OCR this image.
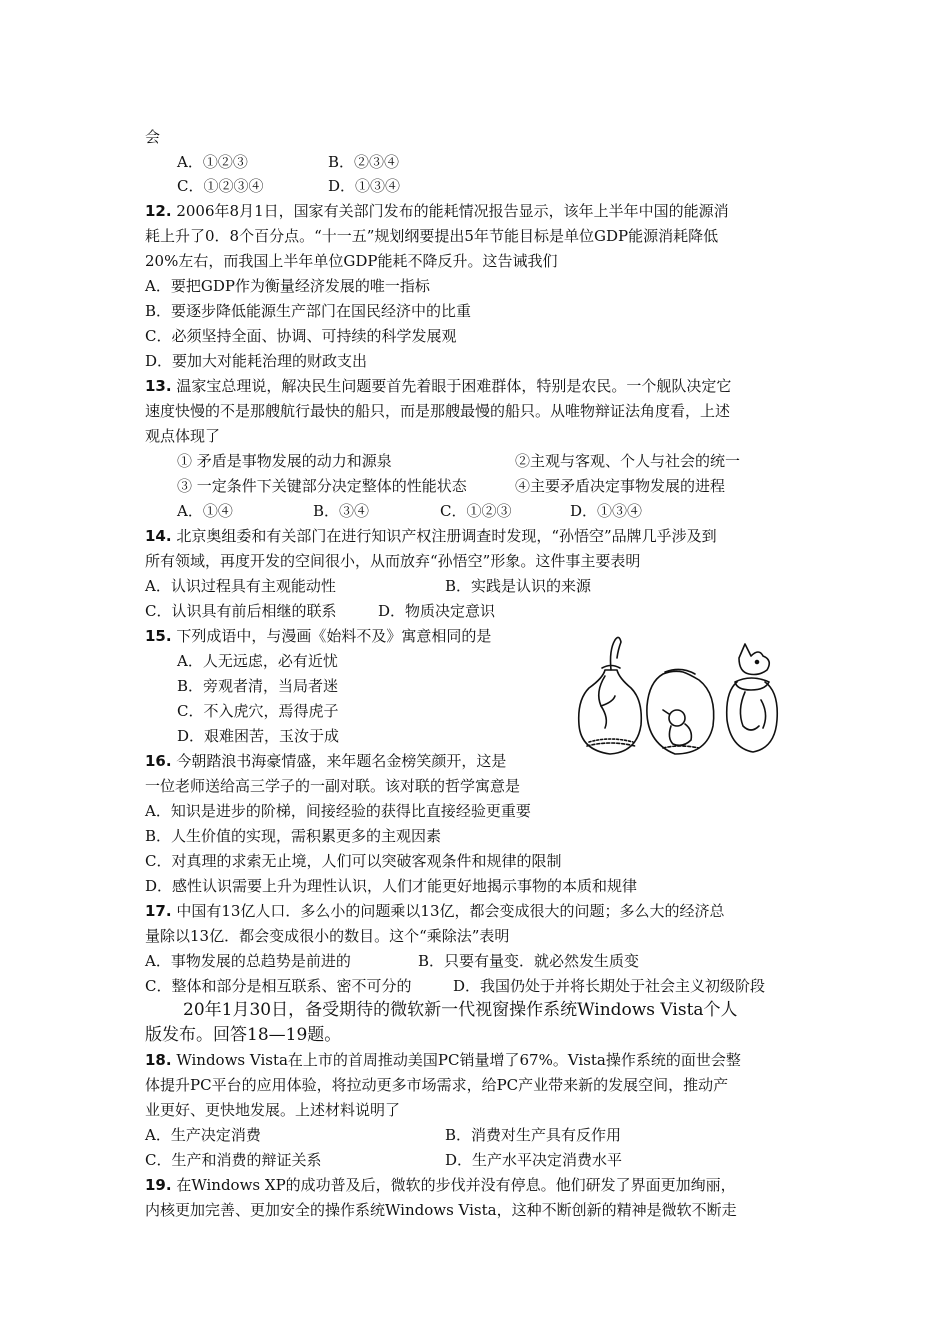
会
A．①②③	B．②③④
C．①②③④	D．①③④
12. 2006年8月1日，国家有关部门发布的能耗情况报告显示，该年上半年中国的能源消
耗上升了0．8个百分点。“十一五”规划纲要提出5年节能目标是单位GDP能源消耗降低
20%左右，而我国上半年单位GDP能耗不降反升。这告诫我们
A．要把GDP作为衡量经济发展的唯一指标
B．要逐步降低能源生产部门在国民经济中的比重
C．必须坚持全面、协调、可持续的科学发展观
D．要加大对能耗治理的财政支出
13. 温家宝总理说，解决民生问题要首先着眼于困难群体，特别是农民。一个舰队决定它
速度快慢的不是那艘航行最快的船只，而是那艘最慢的船只。从唯物辩证法角度看，上述
观点体现了
① 矛盾是事物发展的动力和源泉	②主观与客观、个人与社会的统一
③ 一定条件下关键部分决定整体的性能状态	④主要矛盾决定事物发展的进程
A．①④	B．③④	C．①②③	D．①③④
14. 北京奥组委和有关部门在进行知识产权注册调查时发现，“孙悟空”品牌几乎涉及到
所有领域，再度开发的空间很小，从而放弃“孙悟空”形象。这件事主要表明
A．认识过程具有主观能动性	B．实践是认识的来源
C．认识具有前后相继的联系	D．物质决定意识
15. 下列成语中，与漫画《始料不及》寓意相同的是
A．人无远虑，必有近忧
B．旁观者清，当局者迷
C．不入虎穴，焉得虎子
D．艰难困苦，玉汝于成
16. 今朝踏浪书海豪情盛，来年题名金榜笑颜开，这是
一位老师送给高三学子的一副对联。该对联的哲学寓意是
A．知识是进步的阶梯，间接经验的获得比直接经验更重要
B．人生价值的实现，需积累更多的主观因素
C．对真理的求索无止境，人们可以突破客观条件和规律的限制
D．感性认识需要上升为理性认识，人们才能更好地揭示事物的本质和规律
17. 中国有13亿人口．多么小的问题乘以13亿，都会变成很大的问题；多么大的经济总
量除以13亿．都会变成很小的数目。这个“乘除法”表明
A．事物发展的总趋势是前进的	B．只要有量变．就必然发生质变
C．整体和部分是相互联系、密不可分的	D．我国仍处于并将长期处于社会主义初级阶段
20年1月30日，备受期待的微软新一代视窗操作系统Windows Vista个人
版发布。回答18—19题。
18. Windows Vista在上市的首周推动美国PC销量增了67%。Vista操作系统的面世会整
体提升PC平台的应用体验，将拉动更多市场需求，给PC产业带来新的发展空间，推动产
业更好、更快地发展。上述材料说明了
A．生产决定消费	B．消费对生产具有反作用
C．生产和消费的辩证关系	D．生产水平决定消费水平
19. 在Windows XP的成功普及后，微软的步伐并没有停息。他们研发了界面更加绚丽，
内核更加完善、更加安全的操作系统Windows Vista，这种不断创新的精神是微软不断走
